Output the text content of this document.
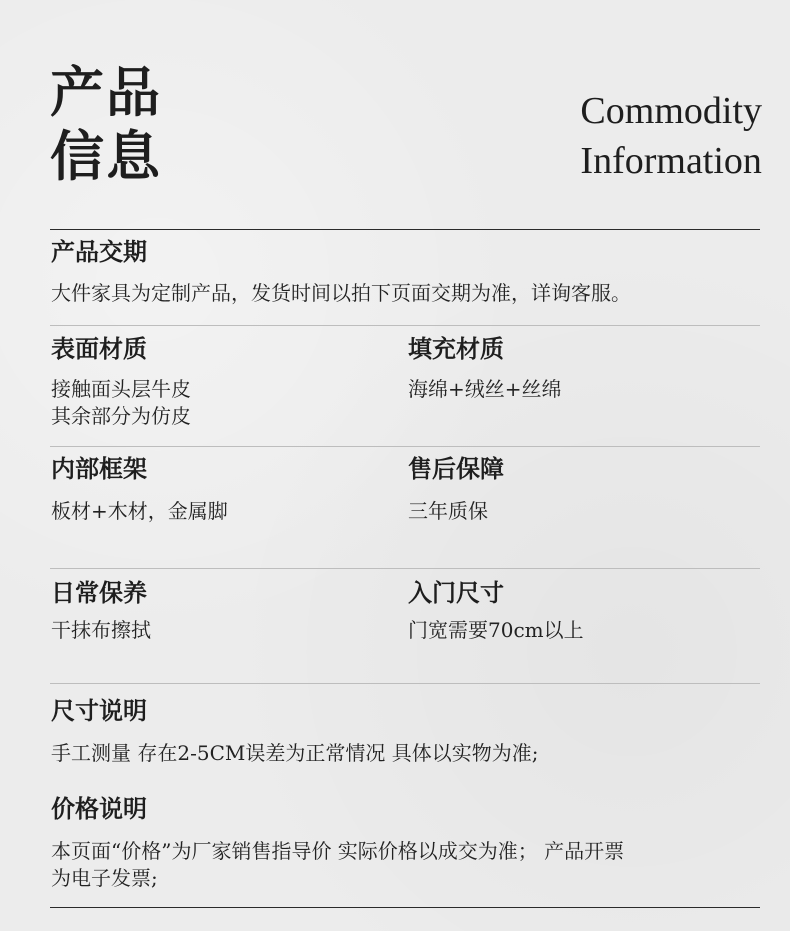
产品
信息
Commodity
Information
产品交期
大件家具为定制产品，发货时间以拍下页面交期为准，详询客服。
表面材质
接触面头层牛皮
其余部分为仿皮
填充材质
海绵+绒丝+丝绵
内部框架
板材+木材，金属脚
售后保障
三年质保
日常保养
干抹布擦拭
入门尺寸
门宽需要70cm以上
尺寸说明
手工测量 存在2-5CM误差为正常情况 具体以实物为准;
价格说明
本页面“价格”为厂家销售指导价 实际价格以成交为准； 产品开票
为电子发票;
